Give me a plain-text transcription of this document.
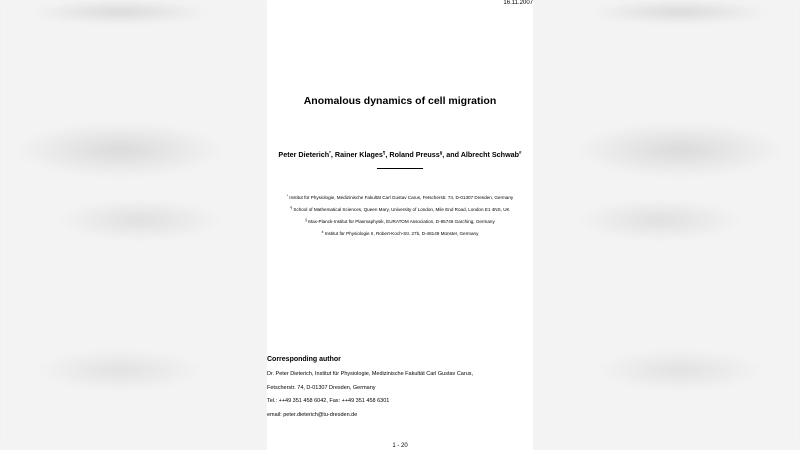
16.11.2007
Anomalous dynamics of cell migration
Peter Dieterich*, Rainer Klages¶, Roland Preuss§, and Albrecht Schwab#
* Institut für Physiologie, Medizinische Fakultät Carl Gustav Carus, Fetscherstr. 74, D-01307 Dresden, Germany
¶ School of Mathematical Sciences, Queen Mary, University of London, Mile End Road, London E1 4NS, UK
§ Max-Planck-Institut für Plasmaphysik, EURATOM Association, D-85748 Garching, Germany
# Institut für Physiologie II, Robert-Koch-Str. 27b, D-48149 Münster, Germany
Corresponding author
Dr. Peter Dieterich, Institut für Physiologie, Medizinische Fakultät Carl Gustav Carus,
Fetscherstr. 74, D-01307 Dresden, Germany
Tel.: ++49 351 458 6042, Fax: ++49 351 458 6301
email: peter.dieterich@tu-dresden.de
1 - 20
